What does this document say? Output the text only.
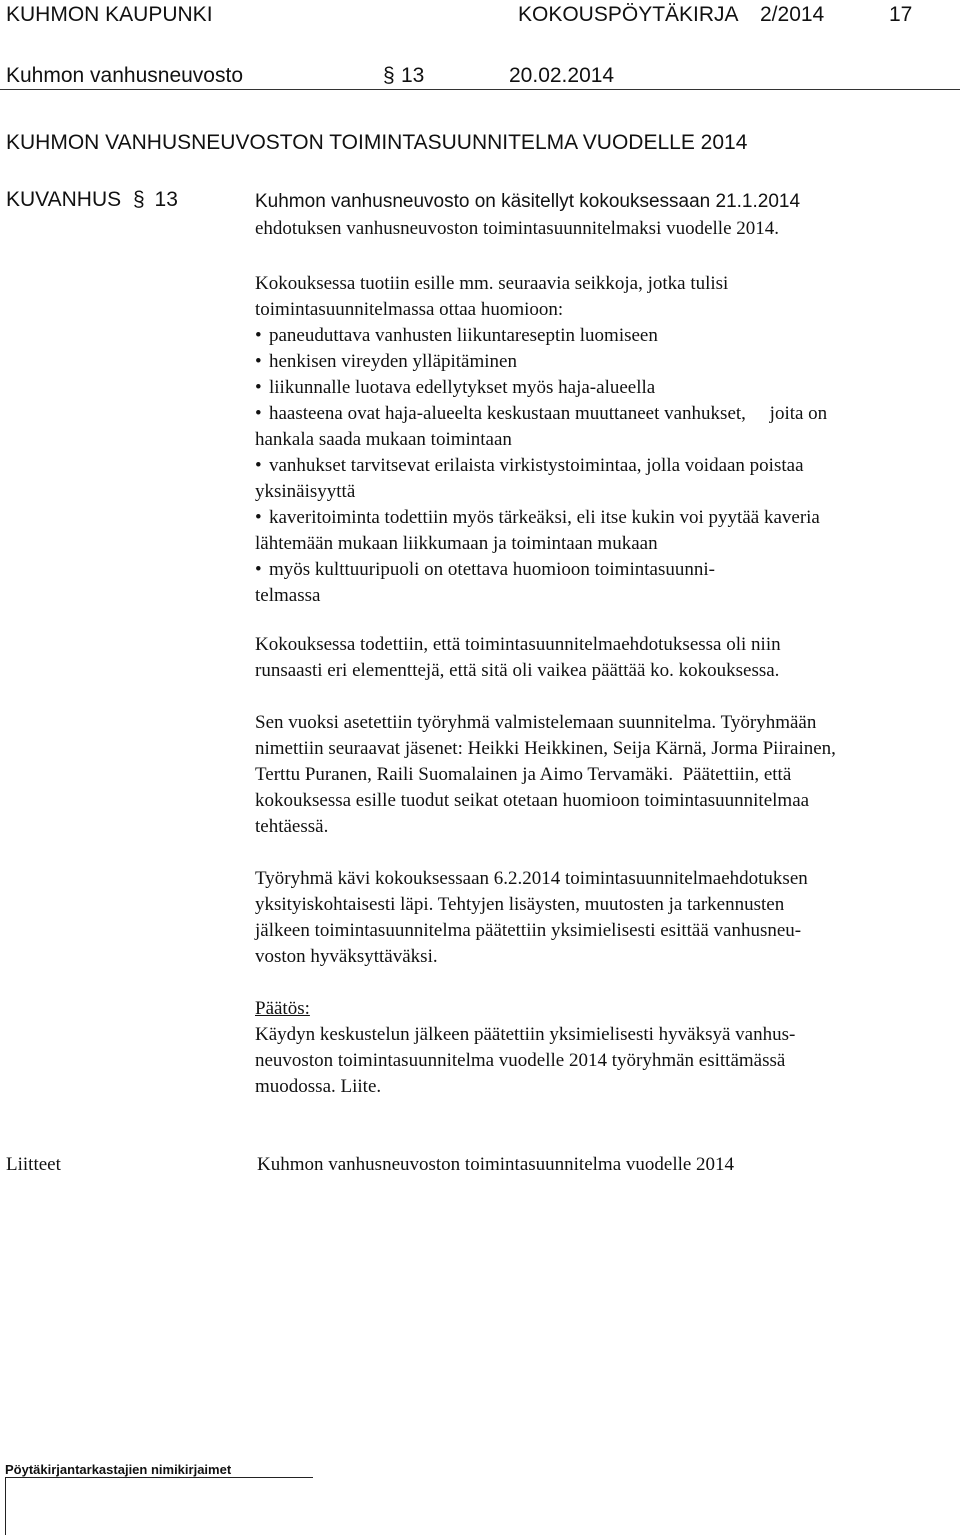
KUHMON KAUPUNKI	KOKOUSPÖYTÄKIRJA 2/2014	17
Kuhmon vanhusneuvosto	§ 13	20.02.2014
KUHMON VANHUSNEUVOSTON TOIMINTASUUNNITELMA VUODELLE 2014
KUVANHUS § 13	Kuhmon vanhusneuvosto on käsitellyt kokouksessaan 21.1.2014
ehdotuksen vanhusneuvoston toimintasuunnitelmaksi vuodelle 2014.

Kokouksessa tuotiin esille mm. seuraavia seikkoja, jotka tulisi

toimintasuunnitelmassa ottaa huomioon:

• paneuduttava vanhusten liikuntareseptin luomiseen
• henkisen vireyden ylläpitäminen
• liikunnalle luotava edellytykset myös haja-alueella
• haasteena ovat haja-alueelta keskustaan muuttaneet vanhukset,     joita on
hankala saada mukaan toimintaan
• vanhukset tarvitsevat erilaista virkistystoimintaa, jolla voidaan poistaa
yksinäisyyttä
• kaveritoiminta todettiin myös tärkeäksi, eli itse kukin voi pyytää kaveria
lähtemään mukaan liikkumaan ja toimintaan mukaan
• myös kulttuuripuoli on otettava huomioon toimintasuunni-
telmassa

Kokouksessa todettiin, että toimintasuunnitelmaehdotuksessa oli niin

runsaasti eri elementtejä, että sitä oli vaikea päättää ko. kokouksessa.

Sen vuoksi asetettiin työryhmä valmistelemaan suunnitelma. Työryhmään

nimettiin seuraavat jäsenet: Heikki Heikkinen, Seija Kärnä, Jorma Piirainen,

Terttu Puranen, Raili Suomalainen ja Aimo Tervamäki.  Päätettiin, että

kokouksessa esille tuodut seikat otetaan huomioon toimintasuunnitelmaa

tehtäessä.

Työryhmä kävi kokouksessaan 6.2.2014 toimintasuunnitelmaehdotuksen

yksityiskohtaisesti läpi. Tehtyjen lisäysten, muutosten ja tarkennusten

jälkeen toimintasuunnitelma päätettiin yksimielisesti esittää vanhusneu-

voston hyväksyttäväksi.

Päätös:

Käydyn keskustelun jälkeen päätettiin yksimielisesti hyväksyä vanhus-

neuvoston toimintasuunnitelma vuodelle 2014 työryhmän esittämässä

muodossa. Liite.

Liitteet	Kuhmon vanhusneuvoston toimintasuunnitelma vuodelle 2014
Pöytäkirjantarkastajien nimikirjaimet
